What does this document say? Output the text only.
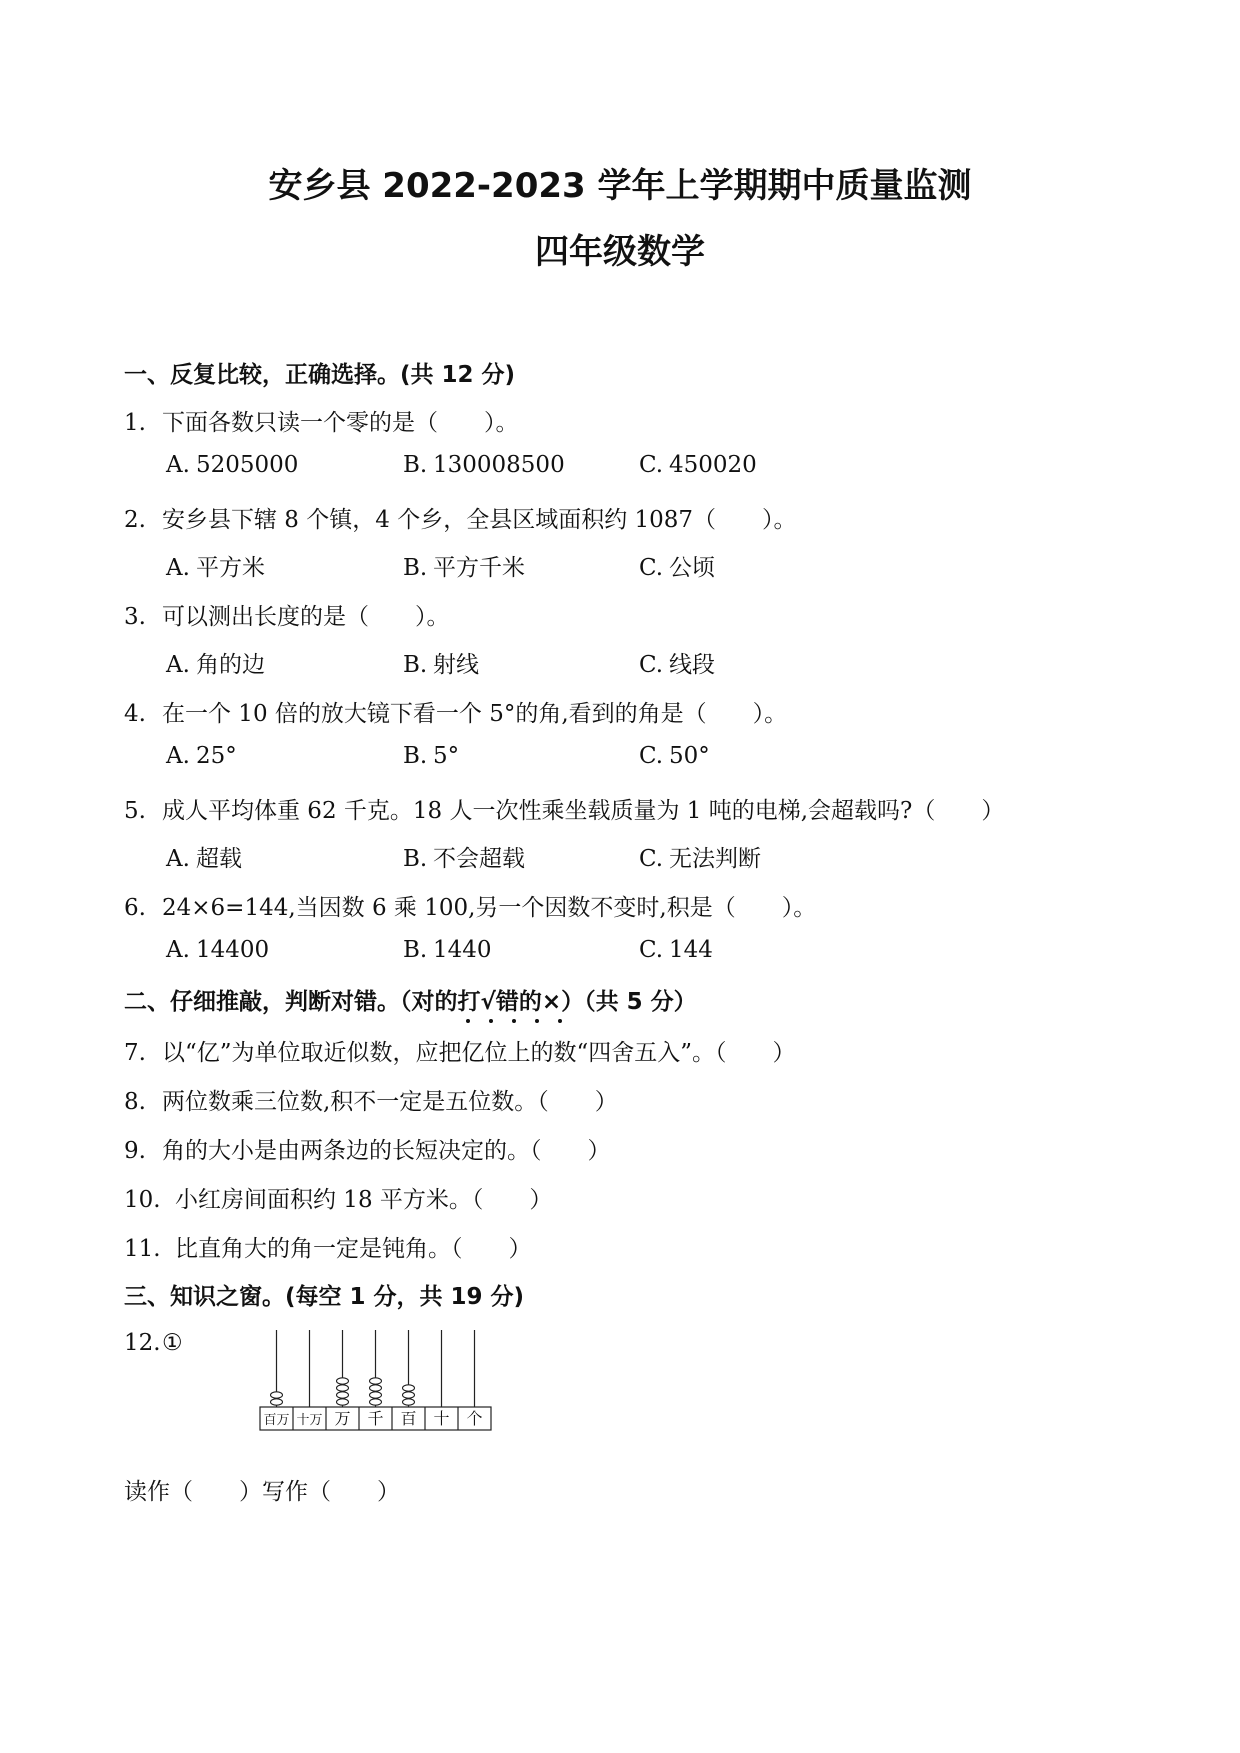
安乡县 2022-2023 学年上学期期中质量监测
四年级数学
一、反复比较，正确选择。(共 12 分)
1. 下面各数只读一个零的是（　　）。
A. 5205000	B. 130008500	C. 450020
2. 安乡县下辖 8 个镇，4 个乡，全县区域面积约 1087（　　）。
A. 平方米	B. 平方千米	C. 公顷
3. 可以测出长度的是（　　）。
A. 角的边	B. 射线	C. 线段
4. 在一个 10 倍的放大镜下看一个 5°的角,看到的角是（　　）。
A. 25°	B. 5°	C. 50°
5. 成人平均体重 62 千克。18 人一次性乘坐载质量为 1 吨的电梯,会超载吗?（　　）
A. 超载	B. 不会超载	C. 无法判断
6. 24×6=144,当因数 6 乘 100,另一个因数不变时,积是（　　）。
A. 14400	B. 1440	C. 144
二、仔细推敲，判断对错。（对的打√错的×
）（共 5 分）
7. 以“亿”为单位取近似数，应把亿位上的数“四舍五入”。（　　）
8. 两位数乘三位数,积不一定是五位数。（　　）
9. 角的大小是由两条边的长短决定的。（　　）
10. 小红房间面积约 18 平方米。（　　）
11. 比直角大的角一定是钝角。（　　）
三、知识之窗。(每空 1 分，共 19 分)
12.①
百万 十万 万 千 百 十 个
读作（　　）写作（　　）
